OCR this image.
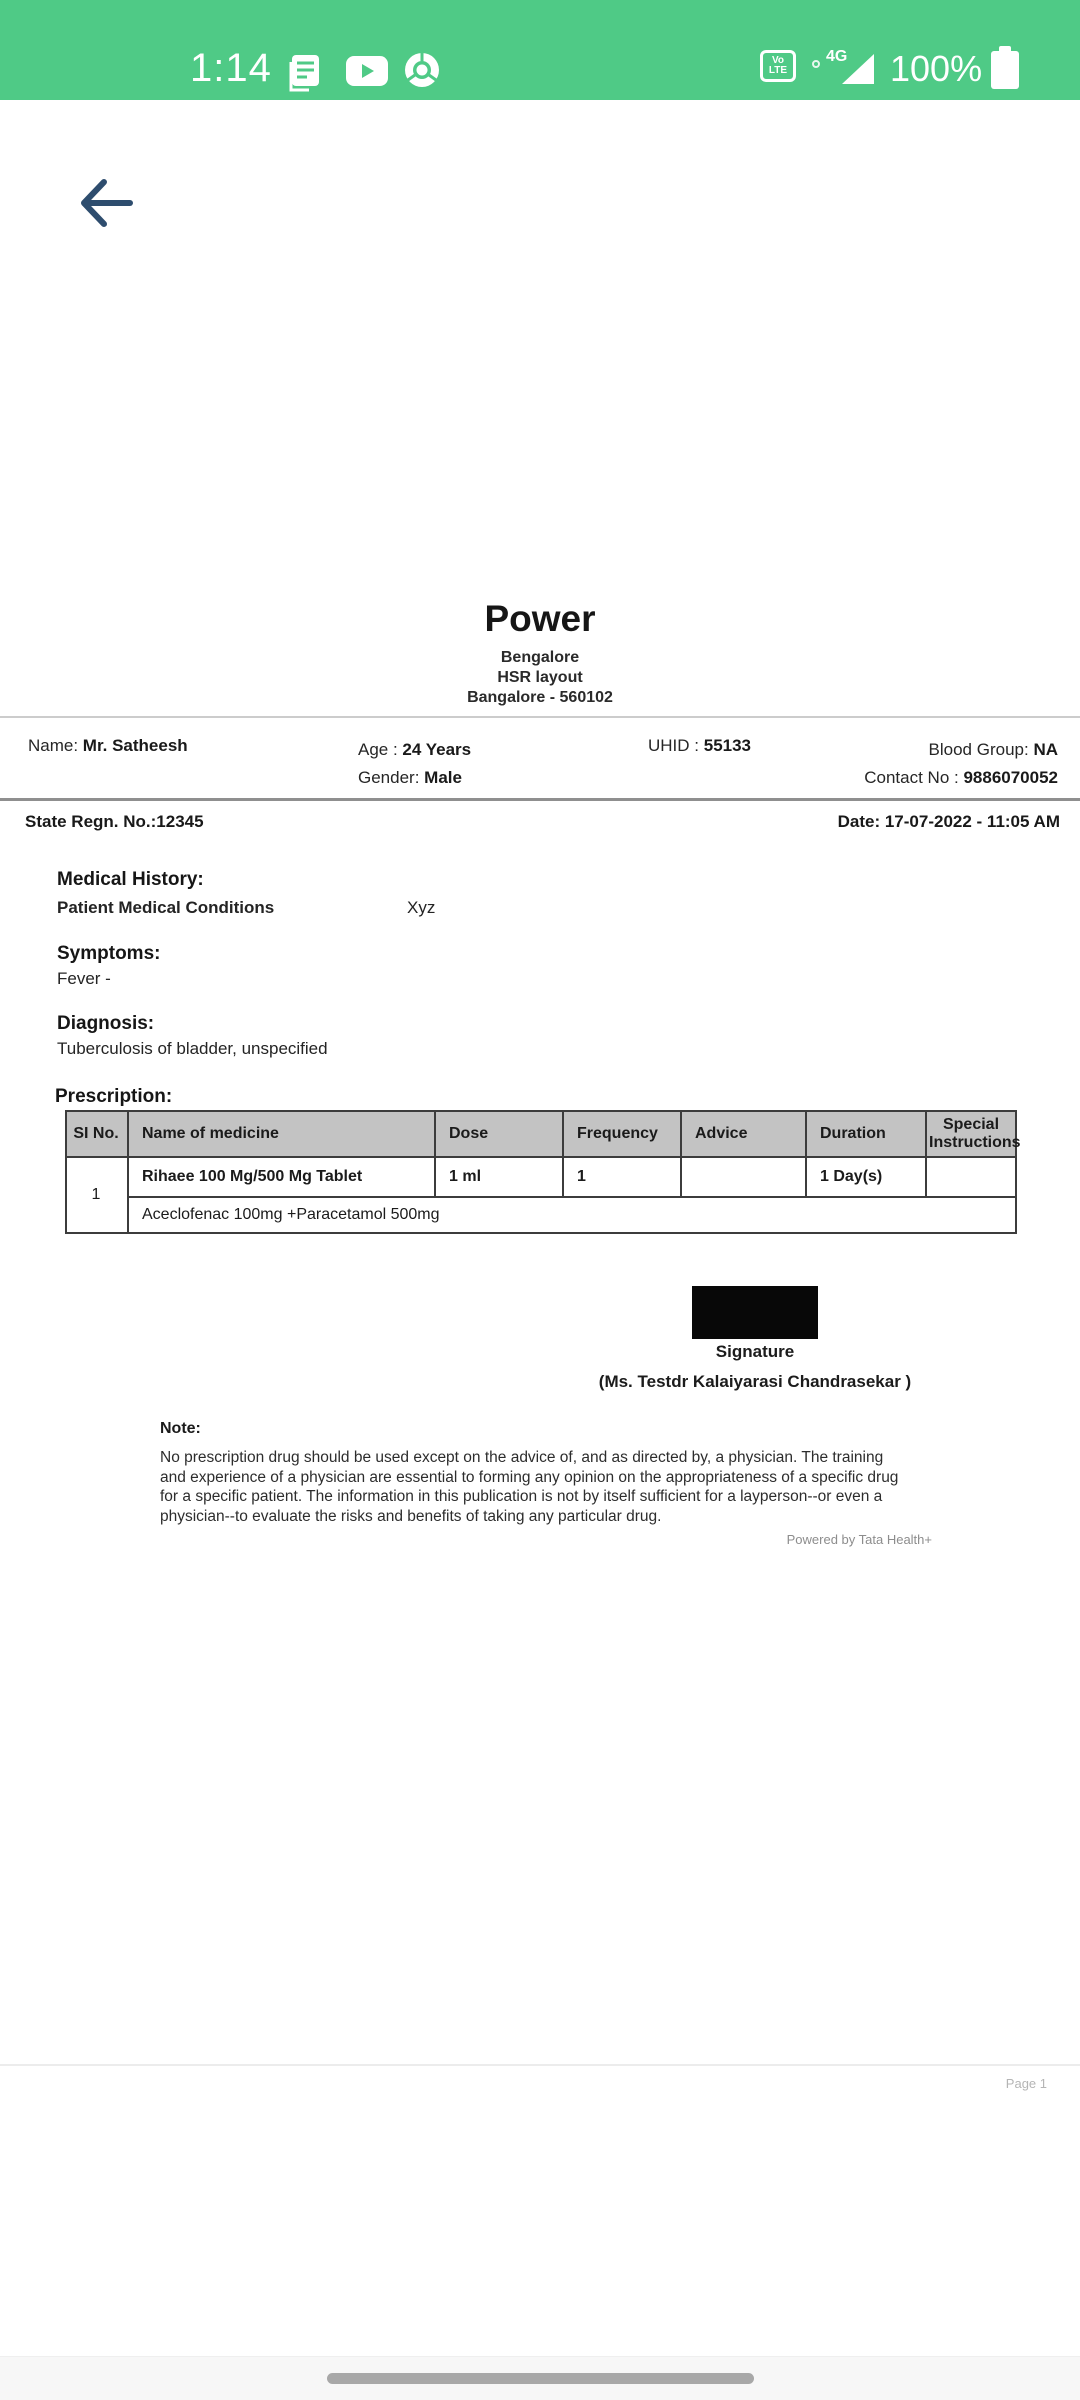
1:14	Vo
LTE
4G 100%
Power
Bengalore
HSR layout
Bangalore - 560102
Name: Mr. Satheesh	Age : 24 Years
Gender: Male
UHID : 55133	Blood Group: NA
Contact No : 9886070052
State Regn. No.:12345	Date: 17-07-2022 - 11:05 AM
Medical History:
Patient Medical Conditions	Xyz
Symptoms:
Fever -
Diagnosis:
Tuberculosis of bladder, unspecified
Prescription:
SI No.	Name of medicine	Dose	Frequency	Advice	Duration	Special Instructions
1	Rihaee 100 Mg/500 Mg Tablet	1 ml	1		1 Day(s)	
	Aceclofenac 100mg +Paracetamol 500mg					
Signature
(Ms. Testdr Kalaiyarasi Chandrasekar )
Note:
No prescription drug should be used except on the advice of, and as directed by, a physician. The training and experience of a physician are essential to forming any opinion on the appropriateness of a specific drug for a specific patient. The information in this publication is not by itself sufficient for a layperson--or even a physician--to evaluate the risks and benefits of taking any particular drug.
Powered by Tata Health+
Page 1
